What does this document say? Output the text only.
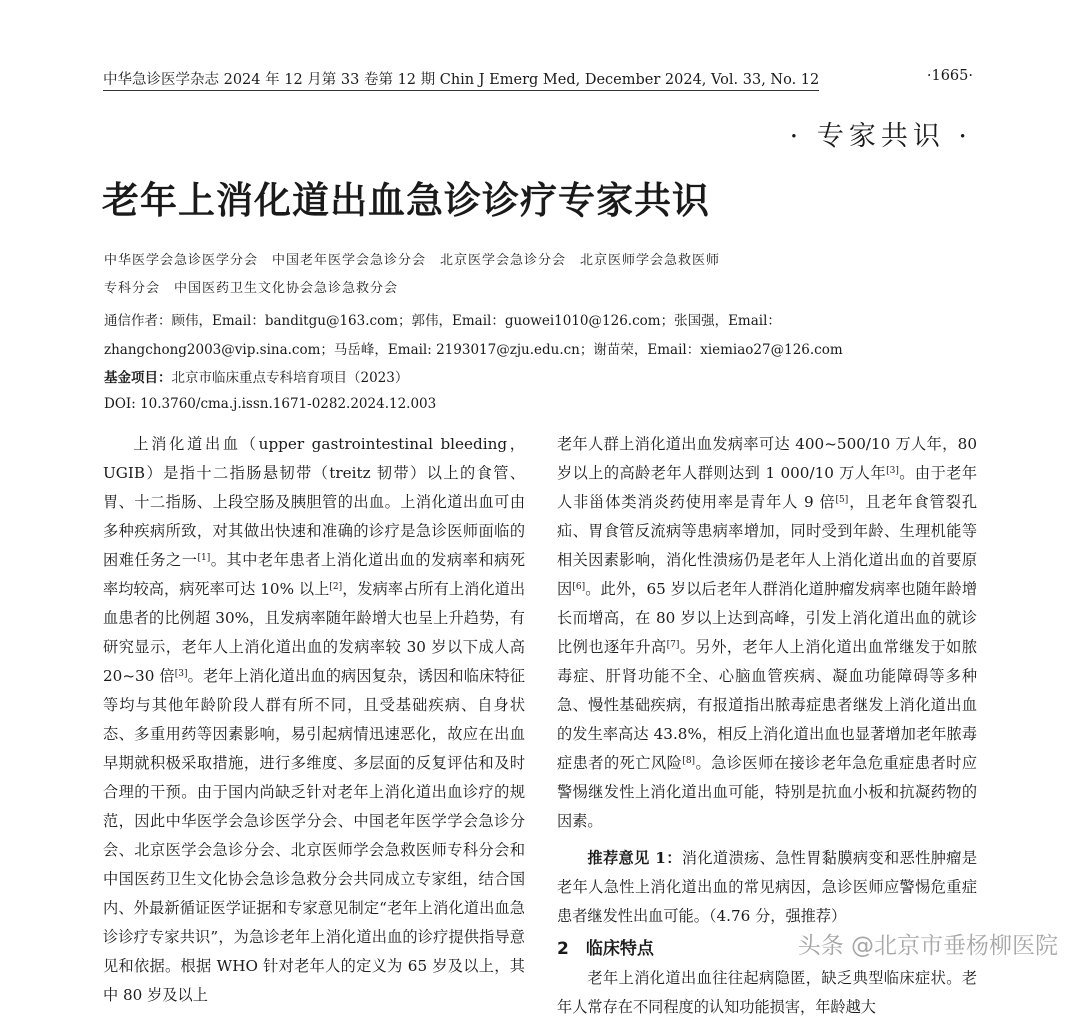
中华急诊医学杂志 2024 年 12 月第 33 卷第 12 期 Chin J Emerg Med, December 2024, Vol. 33, No. 12	·1665·
· 专家共识 ·
老年上消化道出血急诊诊疗专家共识
中华医学会急诊医学分会　中国老年医学会急诊分会　北京医学会急诊分会　北京医师学会急救医师
专科分会　中国医药卫生文化协会急诊急救分会
通信作者：顾伟，Email：banditgu@163.com；郭伟，Email：guowei1010@126.com；张国强，Email：
zhangchong2003@vip.sina.com；马岳峰，Email: 2193017@zju.edu.cn；谢苗荣，Email：xiemiao27@126.com
基金项目：北京市临床重点专科培育项目（2023）
DOI: 10.3760/cma.j.issn.1671-0282.2024.12.003

上消化道出血（upper gastrointestinal bleeding，UGIB）是指十二指肠悬韧带（treitz 韧带）以上的食管、胃、十二指肠、上段空肠及胰胆管的出血。上消化道出血可由多种疾病所致，对其做出快速和准确的诊疗是急诊医师面临的困难任务之一[1]。其中老年患者上消化道出血的发病率和病死率均较高，病死率可达 10% 以上[2]，发病率占所有上消化道出血患者的比例超 30%，且发病率随年龄增大也呈上升趋势，有研究显示，老年人上消化道出血的发病率较 30 岁以下成人高 20~30 倍[3]。老年上消化道出血的病因复杂，诱因和临床特征等均与其他年龄阶段人群有所不同，且受基础疾病、自身状态、多重用药等因素影响，易引起病情迅速恶化，故应在出血早期就积极采取措施，进行多维度、多层面的反复评估和及时合理的干预。由于国内尚缺乏针对老年上消化道出血诊疗的规范，因此中华医学会急诊医学分会、中国老年医学学会急诊分会、北京医学会急诊分会、北京医师学会急救医师专科分会和中国医药卫生文化协会急诊急救分会共同成立专家组，结合国内、外最新循证医学证据和专家意见制定“老年上消化道出血急诊诊疗专家共识”，为急诊老年上消化道出血的诊疗提供指导意见和依据。根据 WHO 针对老年人的定义为 65 岁及以上，其中 80 岁及以上

老年人群上消化道出血发病率可达 400~500/10 万人年，80 岁以上的高龄老年人群则达到 1 000/10 万人年[3]。由于老年人非甾体类消炎药使用率是青年人 9 倍[5]，且老年食管裂孔疝、胃食管反流病等患病率增加，同时受到年龄、生理机能等相关因素影响，消化性溃疡仍是老年人上消化道出血的首要原因[6]。此外，65 岁以后老年人群消化道肿瘤发病率也随年龄增长而增高，在 80 岁以上达到高峰，引发上消化道出血的就诊比例也逐年升高[7]。另外，老年人上消化道出血常继发于如脓毒症、肝肾功能不全、心脑血管疾病、凝血功能障碍等多种急、慢性基础疾病，有报道指出脓毒症患者继发上消化道出血的发生率高达 43.8%，相反上消化道出血也显著增加老年脓毒症患者的死亡风险[8]。急诊医师在接诊老年急危重症患者时应警惕继发性上消化道出血可能，特别是抗血小板和抗凝药物的因素。

推荐意见 1：消化道溃疡、急性胃黏膜病变和恶性肿瘤是老年人急性上消化道出血的常见病因，急诊医师应警惕危重症患者继发性出血可能。（4.76 分，强推荐）

2　临床特点

老年上消化道出血往往起病隐匿，缺乏典型临床症状。老年人常存在不同程度的认知功能损害，年龄越大

头条 @北京市垂杨柳医院
